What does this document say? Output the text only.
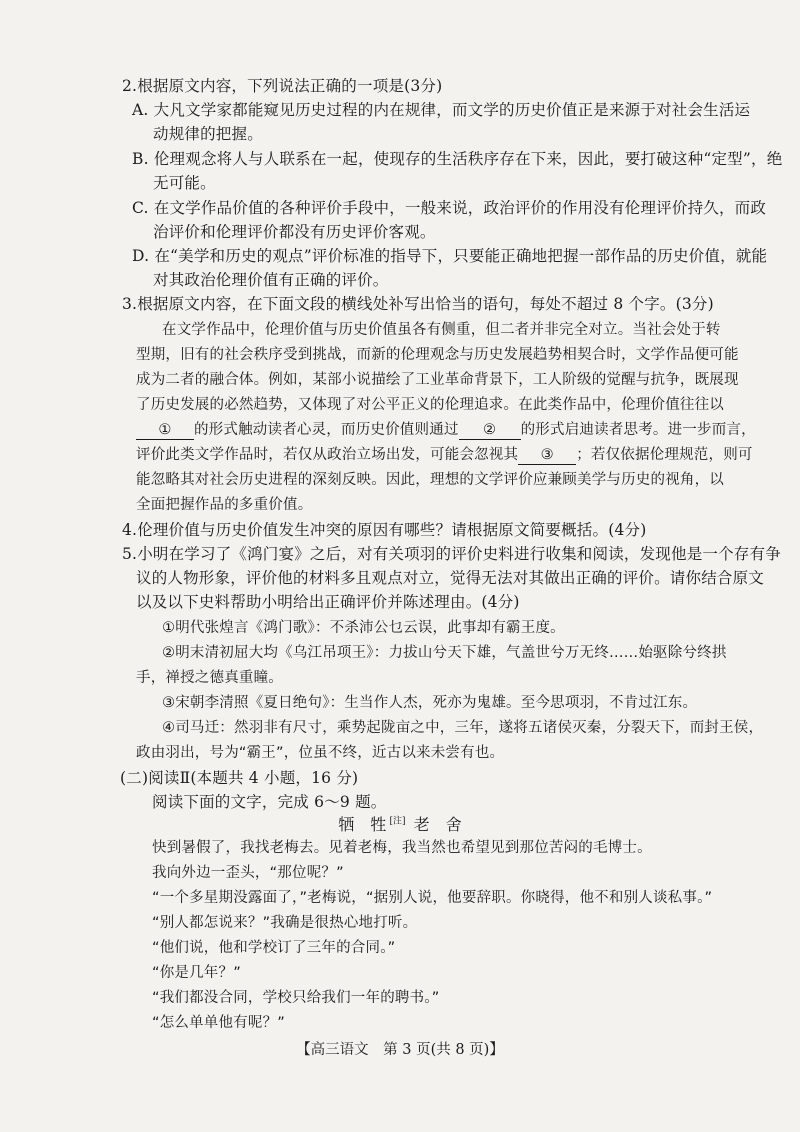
2.根据原文内容，下列说法正确的一项是(3分)
A. 大凡文学家都能窥见历史过程的内在规律，而文学的历史价值正是来源于对社会生活运
动规律的把握。
B. 伦理观念将人与人联系在一起，使现存的生活秩序存在下来，因此，要打破这种“定型”，绝
无可能。
C. 在文学作品价值的各种评价手段中，一般来说，政治评价的作用没有伦理评价持久，而政
治评价和伦理评价都没有历史评价客观。
D. 在“美学和历史的观点”评价标准的指导下，只要能正确地把握一部作品的历史价值，就能
对其政治伦理价值有正确的评价。
3.根据原文内容，在下面文段的横线处补写出恰当的语句，每处不超过 8 个字。(3分)
在文学作品中，伦理价值与历史价值虽各有侧重，但二者并非完全对立。当社会处于转
型期，旧有的社会秩序受到挑战，而新的伦理观念与历史发展趋势相契合时，文学作品便可能
成为二者的融合体。例如，某部小说描绘了工业革命背景下，工人阶级的觉醒与抗争，既展现
了历史发展的必然趋势，又体现了对公平正义的伦理追求。在此类作品中，伦理价值往往以
① 的形式触动读者心灵，而历史价值则通过 ② 的形式启迪读者思考。进一步而言，
评价此类文学作品时，若仅从政治立场出发，可能会忽视其 ③ ；若仅依据伦理规范，则可
能忽略其对社会历史进程的深刻反映。因此，理想的文学评价应兼顾美学与历史的视角，以
全面把握作品的多重价值。
4.伦理价值与历史价值发生冲突的原因有哪些？请根据原文简要概括。(4分)
5.小明在学习了《鸿门宴》之后，对有关项羽的评价史料进行收集和阅读，发现他是一个存有争
议的人物形象，评价他的材料多且观点对立，觉得无法对其做出正确的评价。请你结合原文
以及以下史料帮助小明给出正确评价并陈述理由。(4分)
①明代张煌言《鸿门歌》：不杀沛公乜云误，此事却有霸王度。
②明末清初屈大均《乌江吊项王》：力拔山兮天下雄，气盖世兮万无终……始驱除兮终拱
手，禅授之德真重瞳。
③宋朝李清照《夏日绝句》：生当作人杰，死亦为鬼雄。至今思项羽，不肯过江东。
④司马迁：然羽非有尺寸，乘势起陇亩之中，三年，遂将五诸侯灭秦，分裂天下，而封王侯，
政由羽出，号为“霸王”，位虽不终，近古以来未尝有也。
(二)阅读Ⅱ(本题共 4 小题，16 分)
阅读下面的文字，完成 6～9 题。
牺　牲 [注] 老　舍
快到暑假了，我找老梅去。见着老梅，我当然也希望见到那位苦闷的毛博士。
我向外边一歪头，“那位呢？”
“一个多星期没露面了，”老梅说，“据别人说，他要辞职。你晓得，他不和别人谈私事。”
“别人都怎说来？”我确是很热心地打听。
“他们说，他和学校订了三年的合同。”
“你是几年？”
“我们都没合同，学校只给我们一年的聘书。”
“怎么单单他有呢？”
【高三语文　第 3 页(共 8 页)】
